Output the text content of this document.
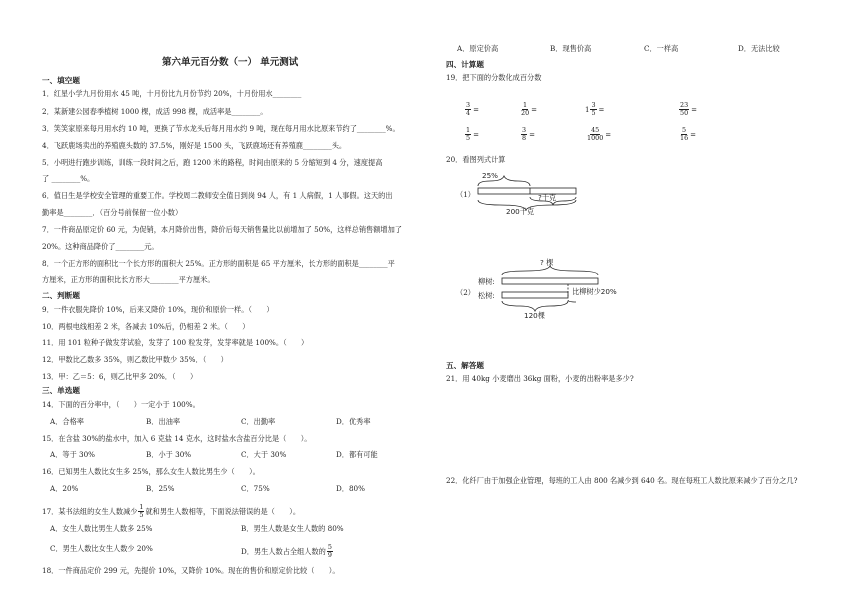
第六单元百分数（一） 单元测试
一、填空题
1．红星小学九月份用水 45 吨，十月份比九月份节约 20%，十月份用水________
2．某新建公园春季植树 1000 棵，成活 998 棵，成活率是________。
3．笑笑家原来每月用水约 10 吨，更换了节水龙头后每月用水约 9 吨，现在每月用水比原来节约了________%。
4．飞跃鹿场卖出的养殖鹿头数的 37.5%，刚好是 1500 头，飞跃鹿场还有养殖鹿________头。
5．小明进行跑步训练，训练一段时间之后，跑 1200 米的路程，时间由原来的 5 分缩短到 4 分，速度提高
了 ________%。
6．值日生是学校安全管理的重要工作。学校周二教师安全值日到岗 94 人，有 1 人病假，1 人事假。这天的出
勤率是________．（百分号前保留一位小数）
7．一件商品原定价 60 元，为促销，本月降价出售，降价后每天销售量比以前增加了 50%，这样总销售额增加了
20%。这种商品降价了________元。
8．一个正方形的面积比一个长方形的面积大 25%。正方形的面积是 65 平方厘米，长方形的面积是________平
方厘米，正方形的面积比长方形大________平方厘米。
二、判断题
9．一件衣服先降价 10%，后来又降价 10%，现价和原价一样。（　　）
10．两根电线相差 2 米，各减去 10%后，仍相差 2 米。（　　）
11．用 101 粒种子做发芽试验，发芽了 100 粒发芽，发芽率就是 100%。（　　）
12．甲数比乙数多 35%，则乙数比甲数少 35%．（　　）
13．甲：乙＝5：6，则乙比甲多 20%．（　　）
三、单选题
14．下面的百分率中，（　　）一定小于 100%。
A．合格率	B．出油率	C．出勤率	D．优秀率
15．在含盐 30%的盐水中，加入 6 克盐 14 克水，这时盐水含盐百分比是（　　）。
A．等于 30%	B．小于 30%	C．大于 30%	D．都有可能
16．已知男生人数比女生多 25%，那么女生人数比男生少（　　）。
A．20%	B．25%	C．75%	D．80%
17．某书法组的女生人数减少 $\frac{1}{5}$ 就和男生人数相等，下面说法错误的是（　　）。
A．女生人数比男生人数多 25%	B．男生人数是女生人数的 80%
C．男生人数比女生人数少 20%	D．男生人数占全组人数的 $\frac{5}{9}$
18．一件商品定价 299 元，先提价 10%，又降价 10%。现在的售价和原定价比较（　　）。
A．原定价高	B．现售价高	C．一样高	D．无法比较
四、计算题
19．把下面的分数化成百分数
$\frac{3}{4}$ =	$\frac{1}{20}$ =	$1 \frac{3}{5}$ =	$\frac{23}{50}$ =
$\frac{1}{5}$ =	$\frac{3}{8}$ =	$\frac{45}{1000}$ =	$\frac{5}{16}$ =
20．看图列式计算
（1）
25%
?千克
200千克
（2）
柳树:
松树:
? 棵
比柳树少20%
120棵
五、解答题
21．用 40kg 小麦磨出 36kg 面粉，小麦的出粉率是多少?
22．化纤厂由于加强企业管理，每班的工人由 800 名减少到 640 名。现在每班工人数比原来减少了百分之几?
